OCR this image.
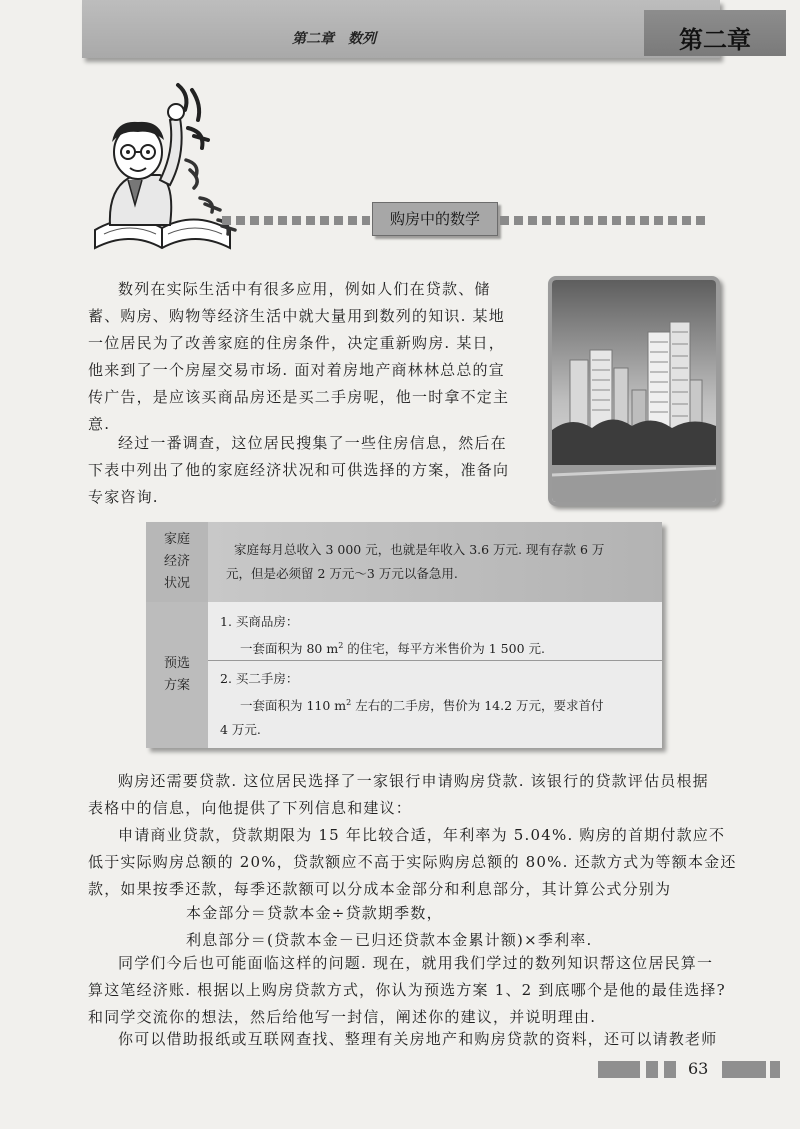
第二章　数列	第二章
购房中的数学
数列在实际生活中有很多应用，例如人们在贷款、储
蓄、购房、购物等经济生活中就大量用到数列的知识. 某地
一位居民为了改善家庭的住房条件，决定重新购房. 某日，
他来到了一个房屋交易市场. 面对着房地产商林林总总的宣
传广告，是应该买商品房还是买二手房呢，他一时拿不定主
意.
经过一番调查，这位居民搜集了一些住房信息，然后在
下表中列出了他的家庭经济状况和可供选择的方案，准备向
专家咨询.
家庭
经济
状况
家庭每月总收入 3 000 元，也就是年收入 3.6 万元. 现有存款 6 万
元，但是必须留 2 万元～3 万元以备急用.
预选
方案
1. 买商品房：
一套面积为 80 $m^2$ 的住宅，每平方米售价为 1 500 元.
2. 买二手房：
一套面积为 110 $m^2$ 左右的二手房，售价为 14.2 万元，要求首付
4 万元.
购房还需要贷款. 这位居民选择了一家银行申请购房贷款. 该银行的贷款评估员根据
表格中的信息，向他提供了下列信息和建议：
申请商业贷款，贷款期限为 15 年比较合适，年利率为 5.04%. 购房的首期付款应不
低于实际购房总额的 20%，贷款额应不高于实际购房总额的 80%. 还款方式为等额本金还
款，如果按季还款，每季还款额可以分成本金部分和利息部分，其计算公式分别为
本金部分＝贷款本金÷贷款期季数，
利息部分＝(贷款本金－已归还贷款本金累计额)×季利率.
同学们今后也可能面临这样的问题. 现在，就用我们学过的数列知识帮这位居民算一
算这笔经济账. 根据以上购房贷款方式，你认为预选方案 1、2 到底哪个是他的最佳选择?
和同学交流你的想法，然后给他写一封信，阐述你的建议，并说明理由.
你可以借助报纸或互联网查找、整理有关房地产和购房贷款的资料，还可以请教老师
63
